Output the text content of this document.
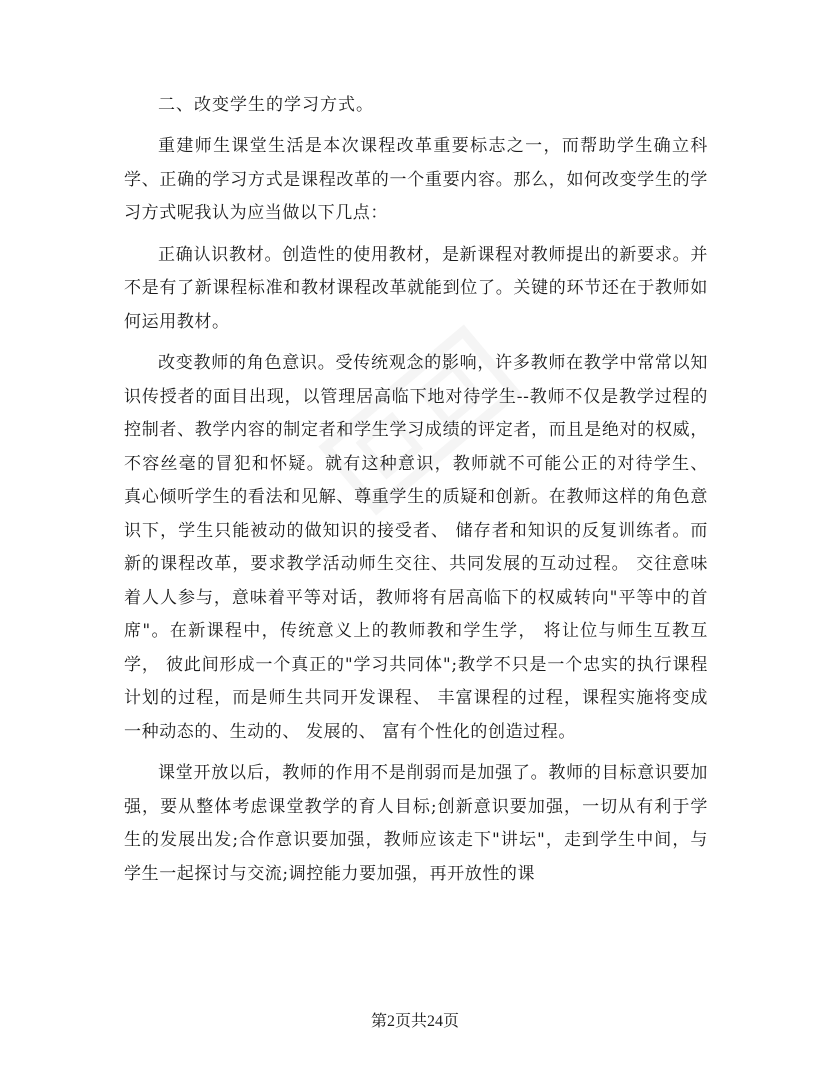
二、改变学生的学习方式。

重建师生课堂生活是本次课程改革重要标志之一，而帮助学生确立科学、正确的学习方式是课程改革的一个重要内容。那么，如何改变学生的学习方式呢我认为应当做以下几点：

正确认识教材。创造性的使用教材，是新课程对教师提出的新要求。并不是有了新课程标准和教材课程改革就能到位了。关键的环节还在于教师如何运用教材。

改变教师的角色意识。受传统观念的影响，许多教师在教学中常常以知识传授者的面目出现，以管理居高临下地对待学生--教师不仅是教学过程的控制者、教学内容的制定者和学生学习成绩的评定者，而且是绝对的权威，不容丝毫的冒犯和怀疑。就有这种意识，教师就不可能公正的对待学生、 真心倾听学生的看法和见解、尊重学生的质疑和创新。在教师这样的角色意识下，学生只能被动的做知识的接受者、 储存者和知识的反复训练者。而新的课程改革，要求教学活动师生交往、共同发展的互动过程。 交往意味着人人参与，意味着平等对话，教师将有居高临下的权威转向"平等中的首席"。在新课程中，传统意义上的教师教和学生学， 将让位与师生互教互学， 彼此间形成一个真正的"学习共同体";教学不只是一个忠实的执行课程计划的过程，而是师生共同开发课程、 丰富课程的过程，课程实施将变成一种动态的、生动的、 发展的、 富有个性化的创造过程。

课堂开放以后，教师的作用不是削弱而是加强了。教师的目标意识要加强，要从整体考虑课堂教学的育人目标;创新意识要加强，一切从有利于学生的发展出发;合作意识要加强，教师应该走下"讲坛"，走到学生中间，与学生一起探讨与交流;调控能力要加强，再开放性的课

第2页共24页
